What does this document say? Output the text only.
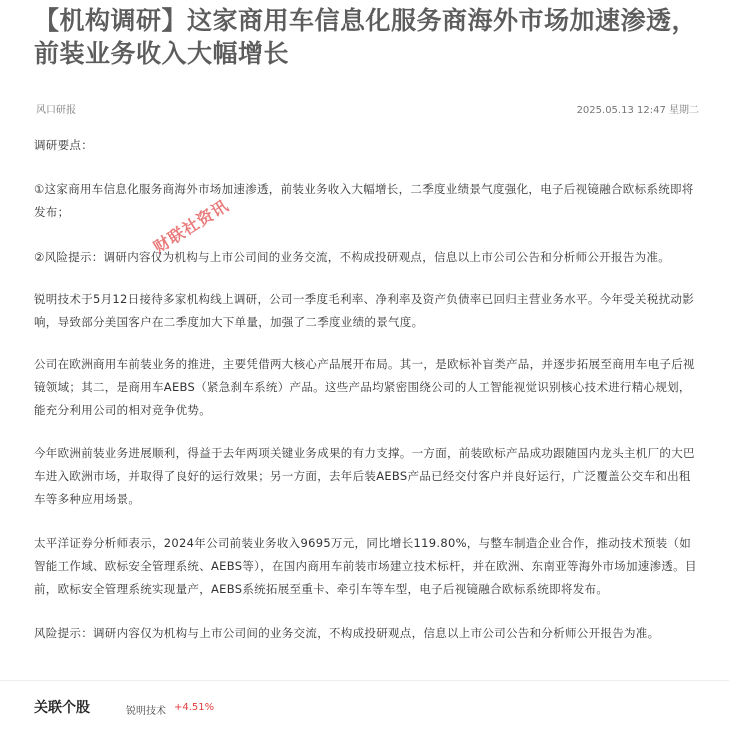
【机构调研】这家商用车信息化服务商海外市场加速渗透，前装业务收入大幅增长
风口研报	2025.05.13 12:47 星期二

调研要点：

①这家商用车信息化服务商海外市场加速渗透，前装业务收入大幅增长，二季度业绩景气度强化，电子后视镜融合欧标系统即将发布；

②风险提示：调研内容仅为机构与上市公司间的业务交流，不构成投研观点，信息以上市公司公告和分析师公开报告为准。

锐明技术于5月12日接待多家机构线上调研，公司一季度毛利率、净利率及资产负债率已回归主营业务水平。今年受关税扰动影响，导致部分美国客户在二季度加大下单量，加强了二季度业绩的景气度。

公司在欧洲商用车前装业务的推进，主要凭借两大核心产品展开布局。其一，是欧标补盲类产品，并逐步拓展至商用车电子后视镜领域；其二，是商用车AEBS（紧急刹车系统）产品。这些产品均紧密围绕公司的人工智能视觉识别核心技术进行精心规划，能充分利用公司的相对竞争优势。

今年欧洲前装业务进展顺利，得益于去年两项关键业务成果的有力支撑。一方面，前装欧标产品成功跟随国内龙头主机厂的大巴车进入欧洲市场，并取得了良好的运行效果；另一方面，去年后装AEBS产品已经交付客户并良好运行，广泛覆盖公交车和出租车等多种应用场景。

太平洋证券分析师表示，2024年公司前装业务收入9695万元，同比增长119.80%，与整车制造企业合作，推动技术预装（如智能工作域、欧标安全管理系统、AEBS等），在国内商用车前装市场建立技术标杆，并在欧洲、东南亚等海外市场加速渗透。目前，欧标安全管理系统实现量产，AEBS系统拓展至重卡、牵引车等车型，电子后视镜融合欧标系统即将发布。

风险提示：调研内容仅为机构与上市公司间的业务交流，不构成投研观点，信息以上市公司公告和分析师公开报告为准。

财联社资讯
关联个股	锐明技术 +4.51%
